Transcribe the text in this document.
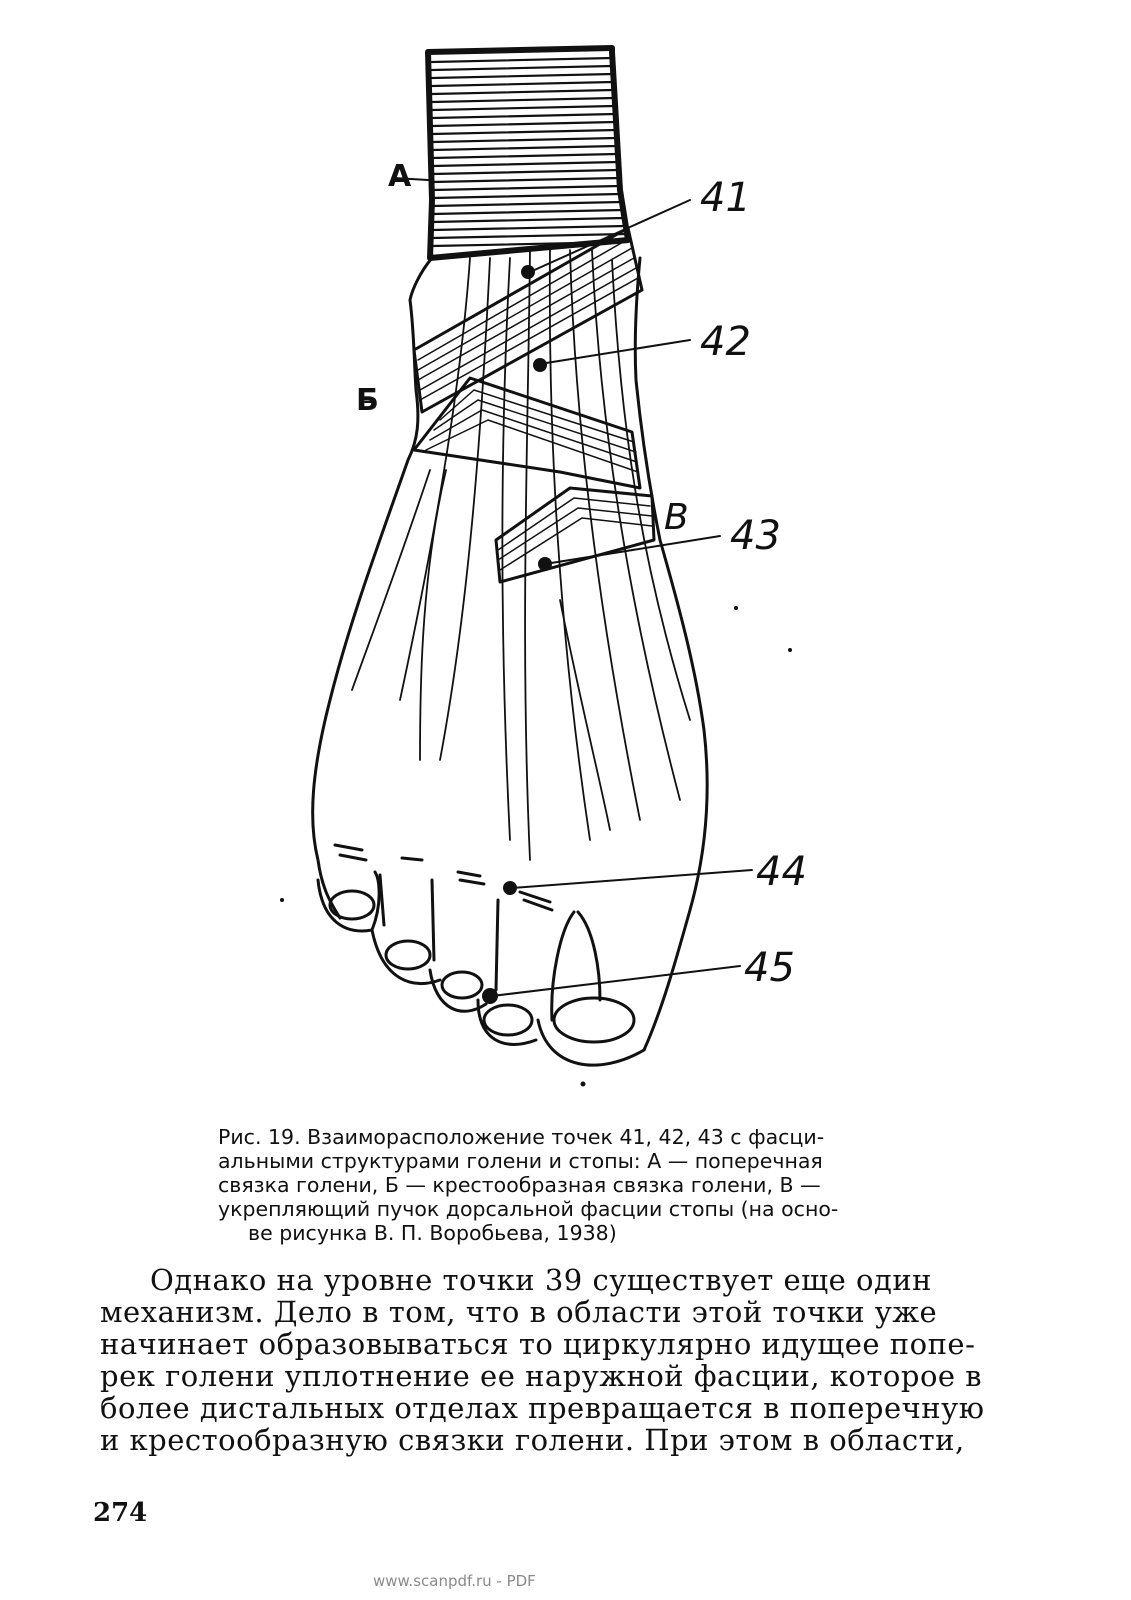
А
Б
В
41
42
43
44
45
Рис. 19. Взаиморасположение точек 41, 42, 43 с фасци-
альными структурами голени и стопы: А — поперечная
связка голени, Б — крестообразная связка голени, В —
укрепляющий пучок дорсальной фасции стопы (на осно-
ве рисунка В. П. Воробьева, 1938)
Однако на уровне точки 39 существует еще один
механизм. Дело в том, что в области этой точки уже
начинает образовываться то циркулярно идущее попе-
рек голени уплотнение ее наружной фасции, которое в
более дистальных отделах превращается в поперечную
и крестообразную связки голени. При этом в области,
274
www.scanpdf.ru - PDF
